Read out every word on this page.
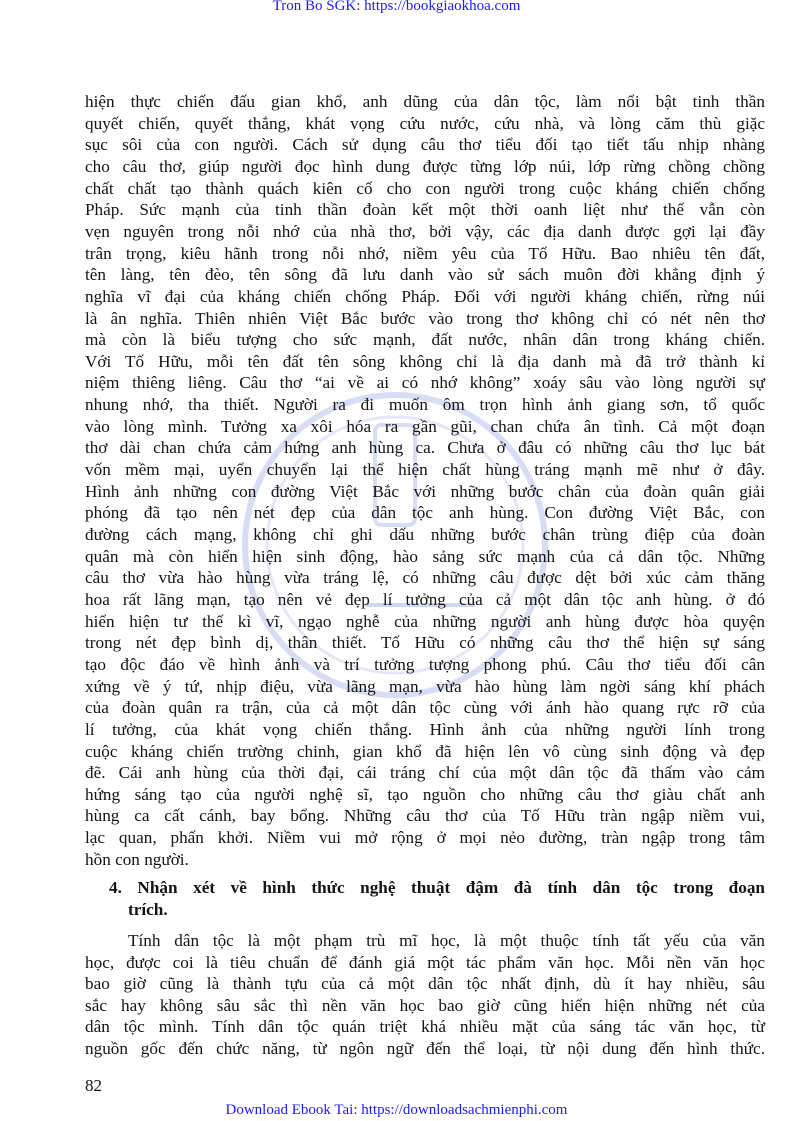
Tron Bo SGK: https://bookgiaokhoa.com
hiện thực chiến đấu gian khổ, anh dũng của dân tộc, làm nổi bật tinh thần
quyết chiến, quyết thắng, khát vọng cứu nước, cứu nhà, và lòng căm thù giặc
sục sôi của con người. Cách sử dụng câu thơ tiểu đối tạo tiết tấu nhịp nhàng
cho câu thơ, giúp người đọc hình dung được từng lớp núi, lớp rừng chồng chồng
chất chất tạo thành quách kiên cố cho con người trong cuộc kháng chiến chống
Pháp. Sức mạnh của tinh thần đoàn kết một thời oanh liệt như thế vẫn còn
vẹn nguyên trong nỗi nhớ của nhà thơ, bởi vậy, các địa danh được gợi lại đầy
trân trọng, kiêu hãnh trong nỗi nhớ, niềm yêu của Tố Hữu. Bao nhiêu tên đất,
tên làng, tên đèo, tên sông đã lưu danh vào sử sách muôn đời khẳng định ý
nghĩa vĩ đại của kháng chiến chống Pháp. Đối với người kháng chiến, rừng núi
là ân nghĩa. Thiên nhiên Việt Bắc bước vào trong thơ không chỉ có nét nên thơ
mà còn là biểu tượng cho sức mạnh, đất nước, nhân dân trong kháng chiến.
Với Tố Hữu, mỗi tên đất tên sông không chỉ là địa danh mà đã trở thành kỉ
niệm thiêng liêng. Câu thơ “ai về ai có nhớ không” xoáy sâu vào lòng người sự
nhung nhớ, tha thiết. Người ra đi muốn ôm trọn hình ảnh giang sơn, tổ quốc
vào lòng mình. Tưởng xa xôi hóa ra gần gũi, chan chứa ân tình. Cả một đoạn
thơ dài chan chứa cảm hứng anh hùng ca. Chưa ở đâu có những câu thơ lục bát
vốn mềm mại, uyển chuyển lại thể hiện chất hùng tráng mạnh mẽ như ở đây.
Hình ảnh những con đường Việt Bắc với những bước chân của đoàn quân giải
phóng đã tạo nên nét đẹp của dân tộc anh hùng. Con đường Việt Bắc, con
đường cách mạng, không chỉ ghi dấu những bước chân trùng điệp của đoàn
quân mà còn hiển hiện sinh động, hào sảng sức mạnh của cả dân tộc. Những
câu thơ vừa hào hùng vừa tráng lệ, có những câu được dệt bởi xúc cảm thăng
hoa rất lãng mạn, tạo nên vẻ đẹp lí tưởng của cả một dân tộc anh hùng. ở đó
hiển hiện tư thế kì vĩ, ngạo nghễ của những người anh hùng được hòa quyện
trong nét đẹp bình dị, thân thiết. Tố Hữu có những câu thơ thể hiện sự sáng
tạo độc đáo về hình ảnh và trí tưởng tượng phong phú. Câu thơ tiểu đối cân
xứng về ý tứ, nhịp điệu, vừa lãng mạn, vừa hào hùng làm ngời sáng khí phách
của đoàn quân ra trận, của cả một dân tộc cùng với ánh hào quang rực rỡ của
lí tưởng, của khát vọng chiến thắng. Hình ảnh của những người lính trong
cuộc kháng chiến trường chinh, gian khổ đã hiện lên vô cùng sinh động và đẹp
đẽ. Cái anh hùng của thời đại, cái tráng chí của một dân tộc đã thấm vào cảm
hứng sáng tạo của người nghệ sĩ, tạo nguồn cho những câu thơ giàu chất anh
hùng ca cất cánh, bay bổng. Những câu thơ của Tố Hữu tràn ngập niềm vui,
lạc quan, phấn khởi. Niềm vui mở rộng ở mọi nẻo đường, tràn ngập trong tâm
hồn con người.
4. Nhận xét về hình thức nghệ thuật đậm đà tính dân tộc trong đoạn
trích.
Tính dân tộc là một phạm trù mĩ học, là một thuộc tính tất yếu của văn
học, được coi là tiêu chuẩn để đánh giá một tác phẩm văn học. Mỗi nền văn học
bao giờ cũng là thành tựu của cả một dân tộc nhất định, dù ít hay nhiều, sâu
sắc hay không sâu sắc thì nền văn học bao giờ cũng hiển hiện những nét của
dân tộc mình. Tính dân tộc quán triệt khá nhiều mặt của sáng tác văn học, từ
nguồn gốc đến chức năng, từ ngôn ngữ đến thể loại, từ nội dung đến hình thức.
82
Download Ebook Tai: https://downloadsachmienphi.com
